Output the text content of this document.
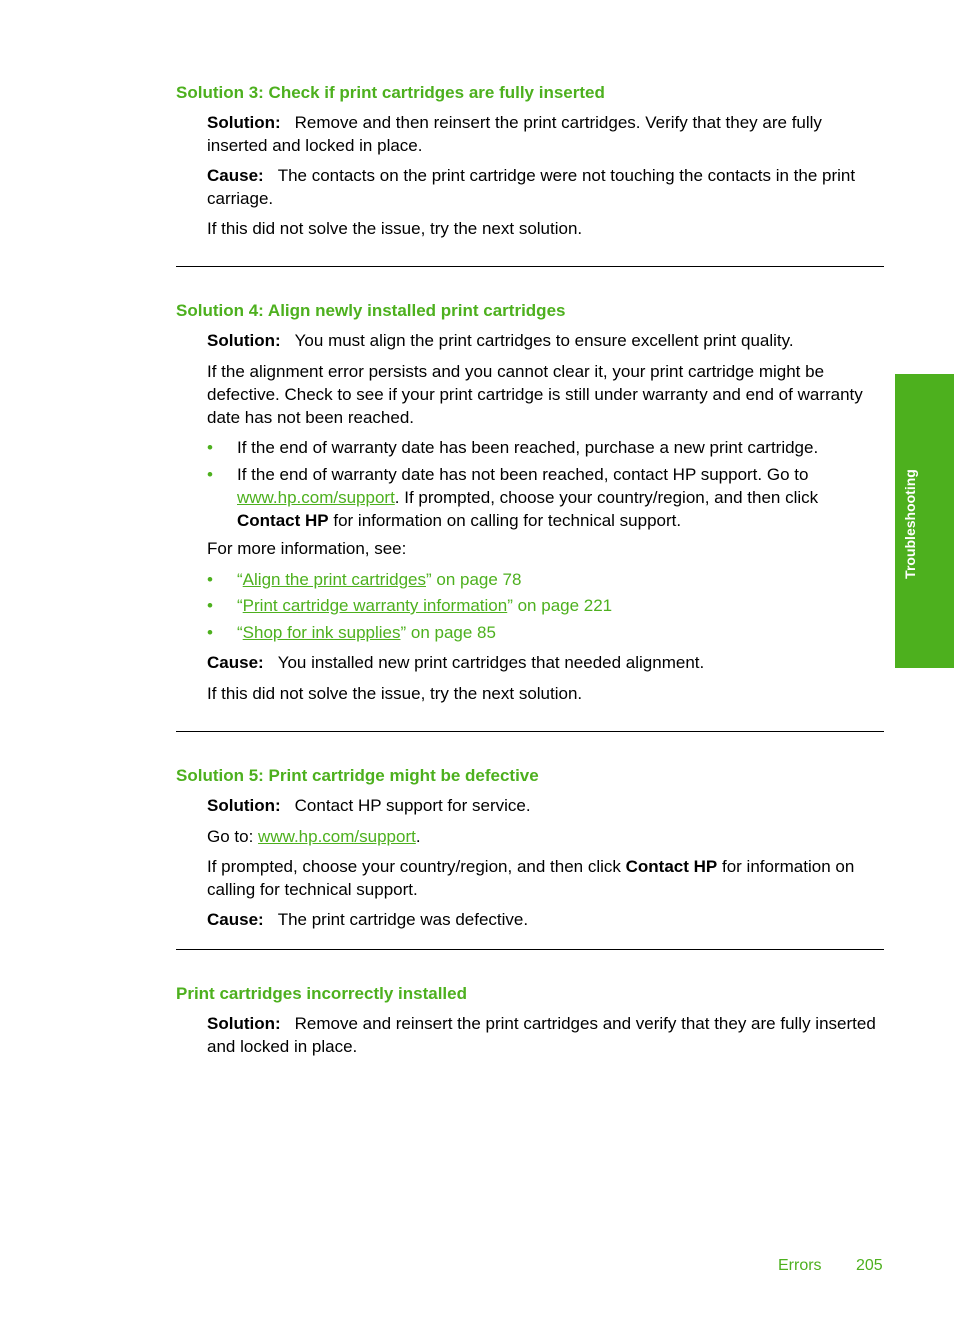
Solution 3: Check if print cartridges are fully inserted

Solution: Remove and then reinsert the print cartridges. Verify that they are fully inserted and locked in place.

Cause: The contacts on the print cartridge were not touching the contacts in the print carriage.

If this did not solve the issue, try the next solution.

Solution 4: Align newly installed print cartridges

Solution: You must align the print cartridges to ensure excellent print quality.

If the alignment error persists and you cannot clear it, your print cartridge might be defective. Check to see if your print cartridge is still under warranty and end of warranty date has not been reached.

• If the end of warranty date has been reached, purchase a new print cartridge.
• If the end of warranty date has not been reached, contact HP support. Go to www.hp.com/support. If prompted, choose your country/region, and then click Contact HP for information on calling for technical support.

For more information, see:

• “Align the print cartridges” on page 78
• “Print cartridge warranty information” on page 221
• “Shop for ink supplies” on page 85

Cause: You installed new print cartridges that needed alignment.

If this did not solve the issue, try the next solution.

Solution 5: Print cartridge might be defective

Solution: Contact HP support for service.

Go to: www.hp.com/support.

If prompted, choose your country/region, and then click Contact HP for information on calling for technical support.

Cause: The print cartridge was defective.

Print cartridges incorrectly installed

Solution: Remove and reinsert the print cartridges and verify that they are fully inserted and locked in place.

Troubleshooting
Errors 205
